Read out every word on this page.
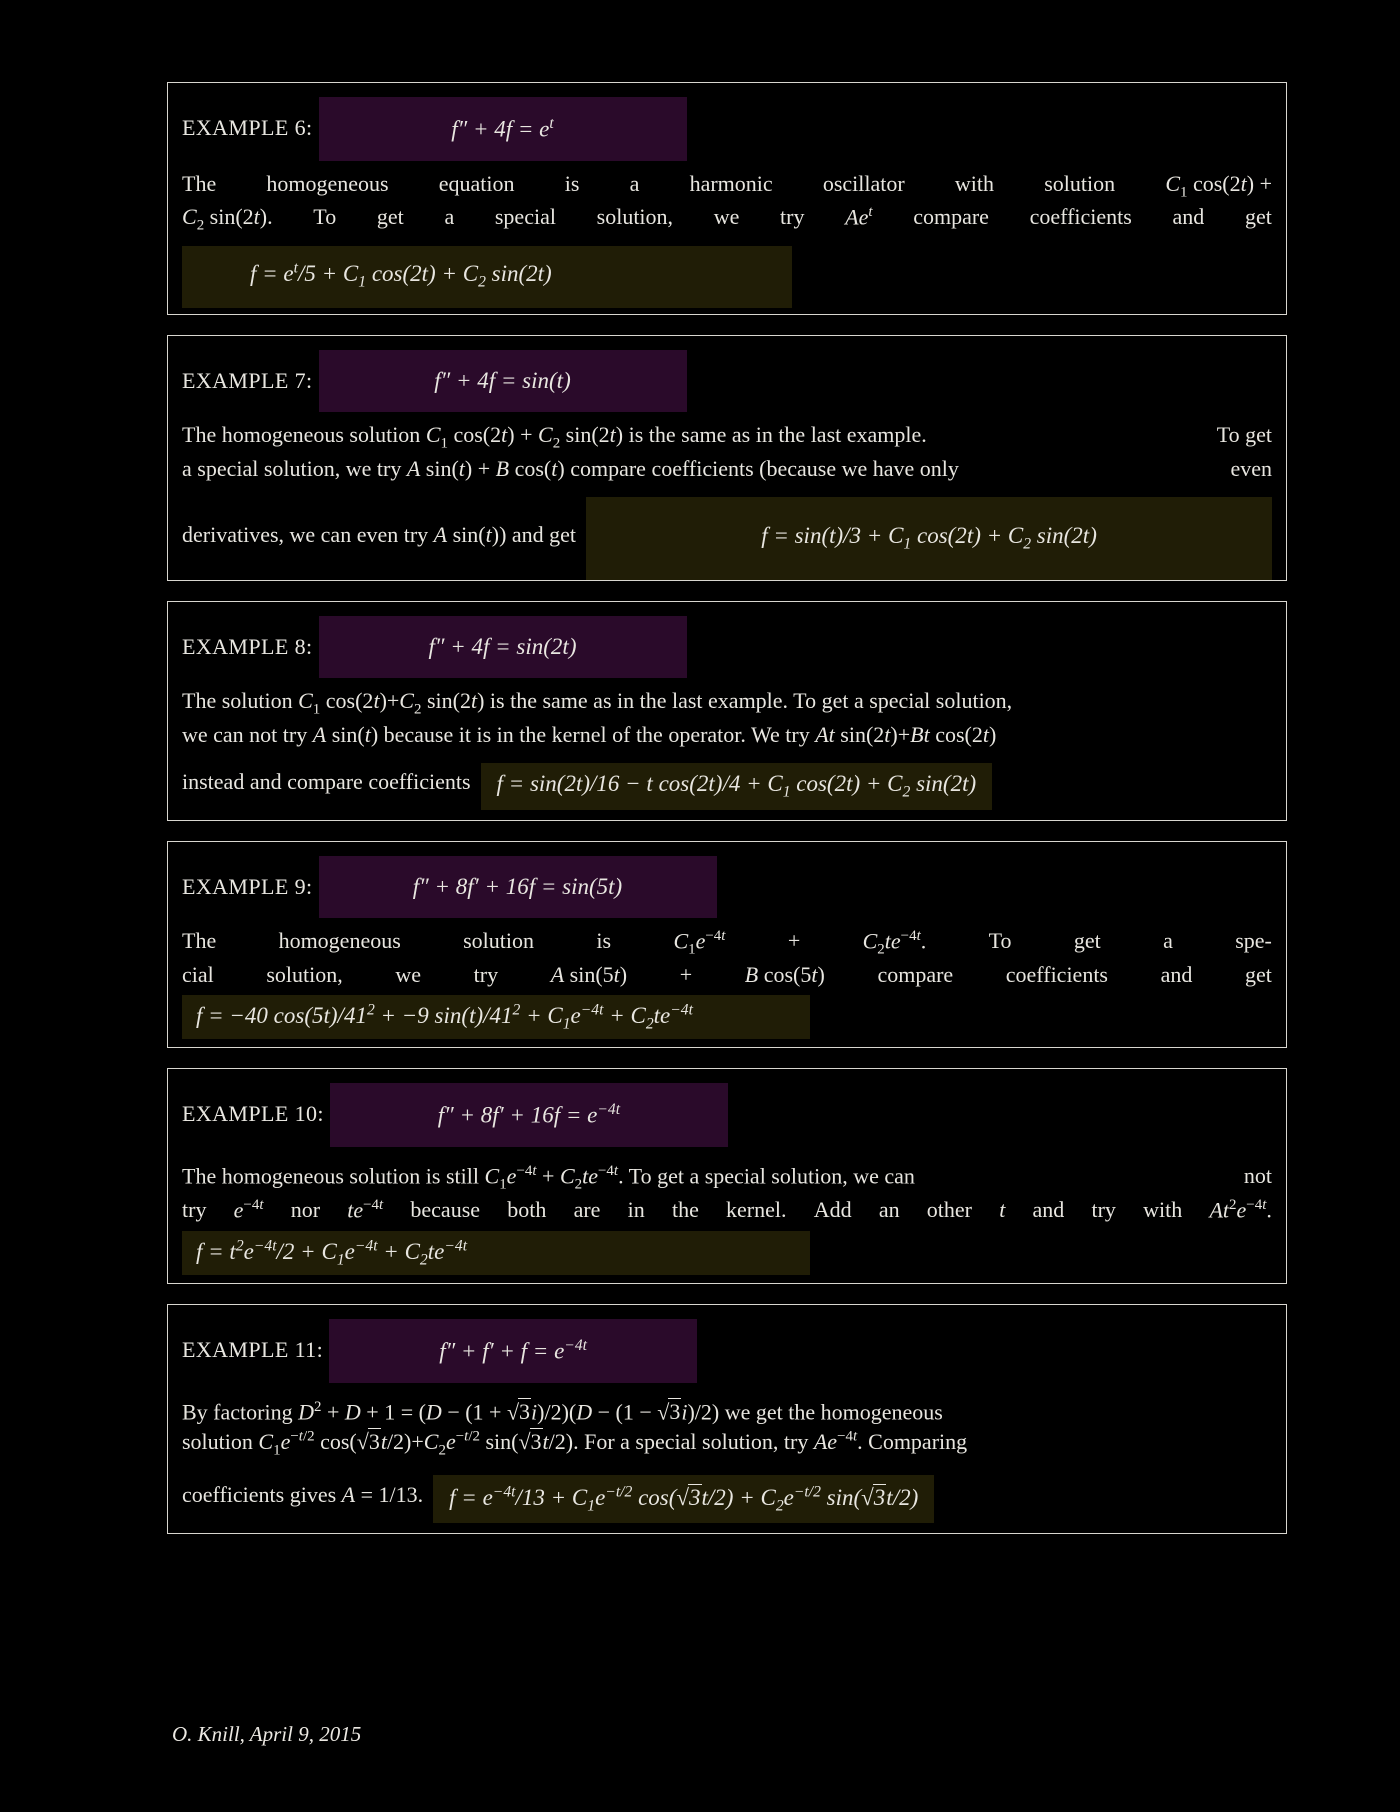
EXAMPLE 6:	$f'' + 4f = e^t$
The homogeneous equation is a harmonic oscillator with solution $C_1$ cos(2t) +
$C_2$ sin(2t). To get a special solution, we try Ae$^t$ compare coefficients and get
$f = e^t/5 + C_1$ $\cos(2t) + C_2$ sin(2t)
EXAMPLE 7:	f″ + 4f = sin(t)
The homogeneous solution $C_1$ $\cos(2t) + C_2$ sin(2t) is the same as in the last example.	To get
a special solution, we try A sin(t) + B cos(t) compare coefficients (because we have only	even
derivatives, we can even try A sin(t)) and get	$f = \sin(t)/3 + C_1$ $\cos(2t) + C_2$ sin(2t)
EXAMPLE 8:	f″ + 4f = sin(2t)
The solution $C_1$ $\cos(2t)+C_2$ sin(2t) is the same as in the last example. To get a special solution,
we can not try A sin(t) because it is in the kernel of the operator. We try At sin(2t)+Bt cos(2t)
instead and compare coefficients	f = sin(2t)/16 − t $\cos(2t)/4 + C_1$ $\cos(2t) + C_2$ sin(2t)
EXAMPLE 9:	f″ + 8f′ + 16f = sin(5t)
The	homogeneous	solution	is	$C_1e^{-4t}$	+	$C_2te^{-4t}$.	To	get	a	spe-
cial solution, we try A sin(5t) + B cos(5t) compare coefficients and get
f = −40 $\cos(5t)/41^2 + -9$ $\sin(t)/41^2 + C_1e^{-4t} + C_2te^{-4t}$
EXAMPLE 10:	$f'' + 8f' + 16f = e^{-4t}$
The homogeneous solution is still $C_1e^{-4t} + C_2te^{-4t}$. To get a special solution, we can	not
try $e^{-4t}$ nor $te^{-4t}$ because both are in the kernel. Add an other t and try with $At^2e^{-4t}$.
$f = t^2e^{-4t}/2 + C_1e^{-4t} + C_2te^{-4t}$
EXAMPLE 11:	$f'' + f' + f = e^{-4t}$
By factoring $D^2 + D + 1 = (D - (1 + √3i)/2)(D - (1 - √3i)/2)$ we get the homogeneous
solution $C_1e^{-t/2}$ $\cos(√3t/2)+C_2e^{-t/2}$ sin(√3t/2). For a special solution, try $Ae^{-4t}$. Comparing
coefficients gives A = 1/13.	$f = e^{-4t}/13 + C_1e^{-t/2}$ $\cos(√3t/2) + C_2e^{-t/2}$ sin(√3t/2)
O. Knill, April 9, 2015
